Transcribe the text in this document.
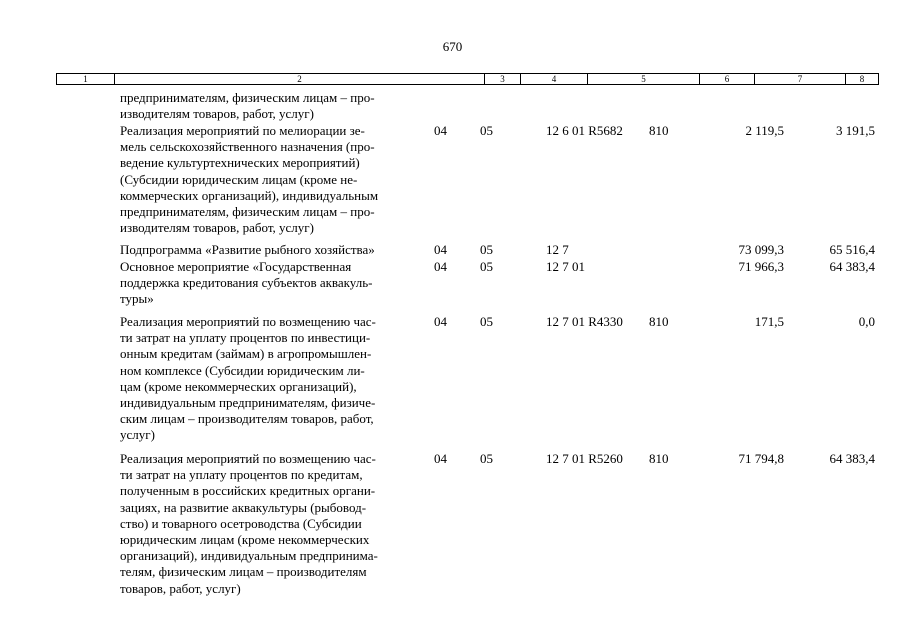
670
1	2	3	4	5	6	7	8
предпринимателям, физическим лицам – про-
изводителям товаров, работ, услуг)
Реализация мероприятий по мелиорации зе-
мель сельскохозяйственного назначения (про-
ведение культуртехнических мероприятий)
(Субсидии юридическим лицам (кроме не-
коммерческих организаций), индивидуальным
предпринимателям, физическим лицам – про-
изводителям товаров, работ, услуг)
04	05	12 6 01 R5682 810	2 119,5	3 191,5
Подпрограмма «Развитие рыбного хозяйства»	04	05	12 7	73 099,3	65 516,4
Основное мероприятие «Государственная
поддержка кредитования субъектов аквакуль-
туры»
04	05	12 7 01	71 966,3	64 383,4
Реализация мероприятий по возмещению час-
ти затрат на уплату процентов по инвестици-
онным кредитам (займам) в агропромышлен-
ном комплексе (Субсидии юридическим ли-
цам (кроме некоммерческих организаций),
индивидуальным предпринимателям, физиче-
ским лицам – производителям товаров, работ,
услуг)
04	05	12 7 01 R4330 810	171,5	0,0
Реализация мероприятий по возмещению час-
ти затрат на уплату процентов по кредитам,
полученным в российских кредитных органи-
зациях, на развитие аквакультуры (рыбовод-
ство) и товарного осетроводства (Субсидии
юридическим лицам (кроме некоммерческих
организаций), индивидуальным предпринима-
телям, физическим лицам – производителям
товаров, работ, услуг)
04	05	12 7 01 R5260 810	71 794,8	64 383,4
